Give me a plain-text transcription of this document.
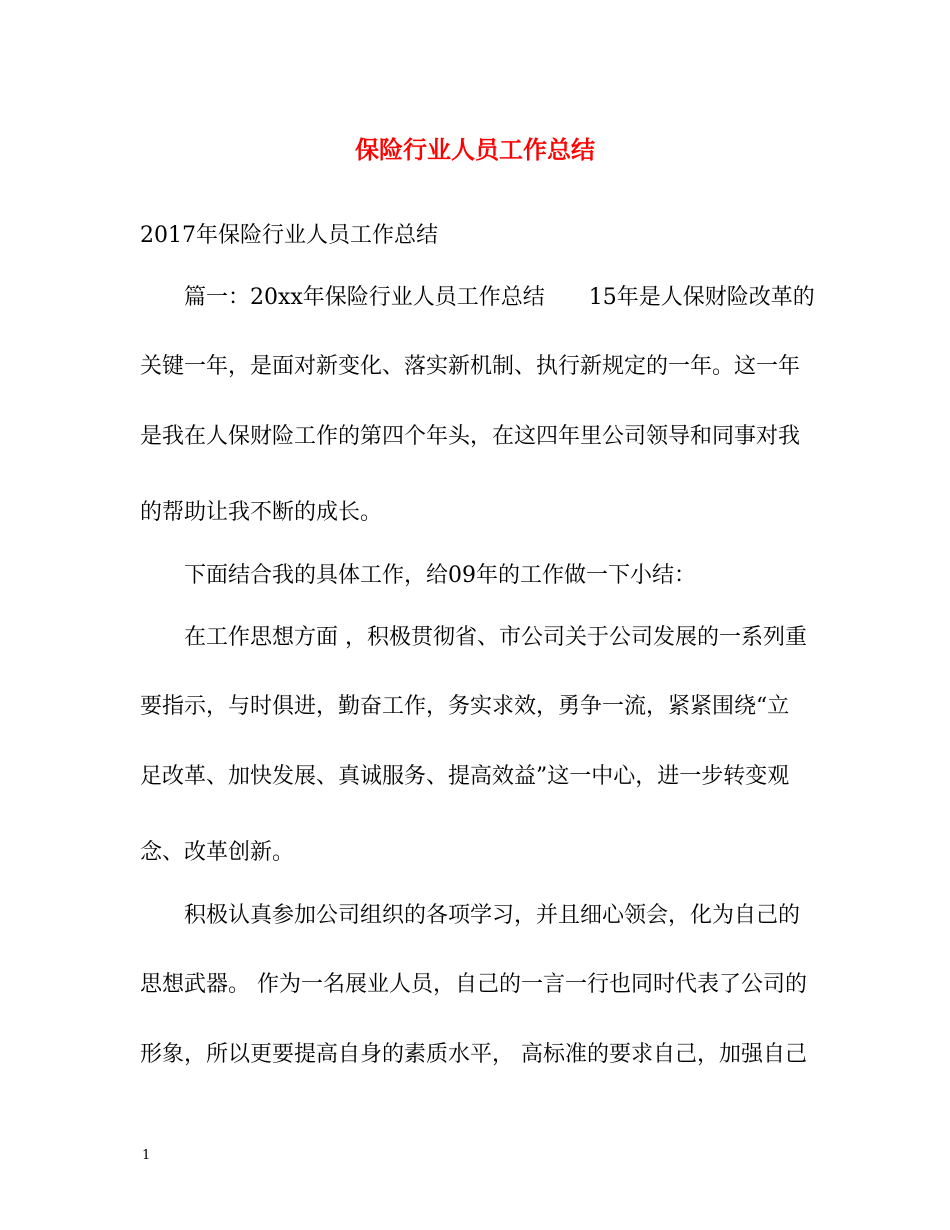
保险行业人员工作总结
2017年保险行业人员工作总结
　　篇一：20xx年保险行业人员工作总结　　15年是人保财险改革的
关键一年，是面对新变化、落实新机制、执行新规定的一年。这一年
是我在人保财险工作的第四个年头，在这四年里公司领导和同事对我
的帮助让我不断的成长。
　　下面结合我的具体工作，给09年的工作做一下小结：
　　在工作思想方面 ，积极贯彻省、市公司关于公司发展的一系列重
要指示，与时俱进，勤奋工作，务实求效，勇争一流，紧紧围绕“立
足改革、加快发展、真诚服务、提高效益”这一中心，进一步转变观
念、改革创新。
　　积极认真参加公司组织的各项学习，并且细心领会，化为自己的
思想武器。 作为一名展业人员，自己的一言一行也同时代表了公司的
形象，所以更要提高自身的素质水平， 高标准的要求自己，加强自己
1
